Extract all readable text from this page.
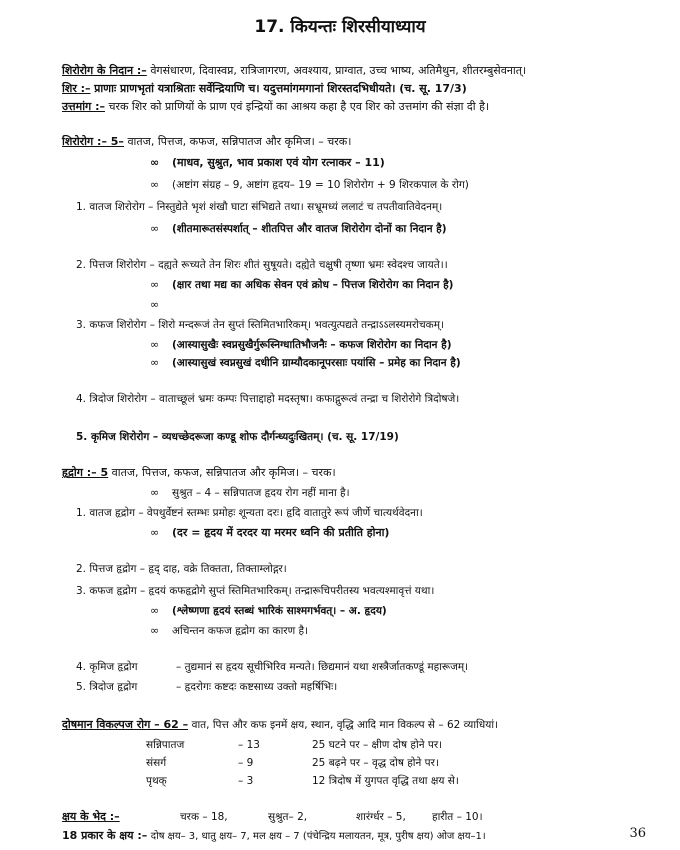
17. कियन्तः शिरसीयाध्याय
शिरोरोग के निदान :– वेगसंधारण, दिवास्वप्न, रात्रिजागरण, अवश्याय, प्राग्वात, उच्च भाष्य, अतिमैथुन, शीतरम्बुसेवनात्।
शिर :– प्राणाः प्राणभृतां यत्राश्रिताः सर्वेन्द्रियाणि च। यदुत्तमांगमगानां शिरस्तदभिधीयते। (च. सू. 17/3)
उत्तमांग :– चरक शिर को प्राणियों के प्राण एवं इन्द्रियों का आश्रय कहा है एव शिर को उत्तमांग की संज्ञा दी है।
शिरोरोग :– 5– वातज, पित्तज, कफज, सन्निपातज और कृमिज। – चरक।
∞ (माधव, सुश्रुत, भाव प्रकाश एवं योग रत्नाकर – 11)
∞ (अष्टांग संग्रह – 9, अष्टांग हृदय– 19 = 10 शिरोरोग + 9 शिरकपाल के रोग)
1. वातज शिरोरोग – निस्तुद्येते भृशं शंखौ घाटा संभिद्यते तथा। सभ्रूमध्यं ललाटं च तपतीवातिवेदनम्।
∞ (शीतमारूतसंस्पर्शात् – शीतपित्त और वातज शिरोरोग दोनों का निदान है)
2. पित्तज शिरोरोग – दह्यते रूच्यते तेन शिरः शीतं सुषूयते। दह्येते चक्षुषी तृष्णा भ्रमः स्वेदश्च जायते।।
∞ (क्षार तथा मद्य का अधिक सेवन एवं क्रोध – पित्तज शिरोरोग का निदान है)
∞
3. कफज शिरोरोग – शिरो मन्दरूजं तेन सुप्तं स्तिमितभारिकम्। भवत्युत्पद्यते तन्द्राऽऽलस्यमरोचकम्।
∞ (आस्यासुखैः स्वप्नसुखैर्गुरूस्निग्धातिभौजनैः – कफज शिरोरोग का निदान है)
∞ (आस्यासुखं स्वप्नसुखं दधीनि ग्राम्यौदकानूपरसाः पयांसि – प्रमेह का निदान है)
4. त्रिदोज शिरोरोग – वाताच्छूलं भ्रमः कम्पः पित्ताद्दाहो मदस्तृषा। कफाद्गुरूत्वं तन्द्रा च शिरोरोगे त्रिदोषजे।
5. कृमिज शिरोरोग – व्यधच्छेदरूजा कण्डू शोफ दौर्गन्ध्यदुःखितम्। (च. सू. 17/19)
हृद्रोग :– 5 वातज, पित्तज, कफज, सन्निपातज और कृमिज। – चरक।
∞ सुश्रुत – 4 – सन्निपातज हृदय रोग नहीं माना है।
1. वातज हृद्रोग – वेपथुर्वेष्टनं स्तम्भः प्रमोहः शून्यता दरः। हृदि वातातुरे रूपं जीर्णे चात्यर्थवेदना।
∞ (दर = हृदय में दरदर या मरमर ध्वनि की प्रतीति होना)
2. पित्तज हृद्रोग – हृद् दाह, वक्रे तिक्तता, तिक्ताम्लोद्गर।
3. कफज हृद्रोग – हृदयं कफहृद्रोगे सुप्तं स्तिमितभारिकम्। तन्द्रारूचिपरीतस्य भवत्यश्मावृत्तं यथा।
∞ (श्लेष्णणा हृदयं स्तब्धं भारिकं साश्मगर्भवत्। – अ. हृदय)
∞ अचिन्तन कफज हृद्रोग का कारण है।
4. कृमिज हृद्रोग	– तुद्यमानं स हृदय सूचीभिरिव मन्यते। छिद्यमानं यथा शस्त्रैर्जातकण्डूं महारूजम्।
5. त्रिदोज हृद्रोग	– हृदरोगः कष्टदः कष्टसाध्य उक्तो महर्षिभिः।
दोषमान विकल्पज रोग – 62 – वात, पित्त और कफ इनमें क्षय, स्थान, वृद्धि आदि मान विकल्प से – 62 व्याधियां।
सन्निपातज	– 13	25 घटने पर – क्षीण दोष होने पर।
संसर्ग	– 9	25 बढ़ने पर – वृद्ध दोष होने पर।
पृथक्	– 3	12 त्रिदोष में युगपत वृद्धि तथा क्षय से।
क्षय के भेद :–	चरक – 18,	सुश्रुत– 2,	शारंर्ग्धर – 5, हारीत – 10।
18 प्रकार के क्षय :– दोष क्षय– 3, धातु क्षय– 7, मल क्षय – 7 (पंचेन्द्रिय मलायतन, मूत्र, पुरीष क्षय) ओज क्षय–1।	36
